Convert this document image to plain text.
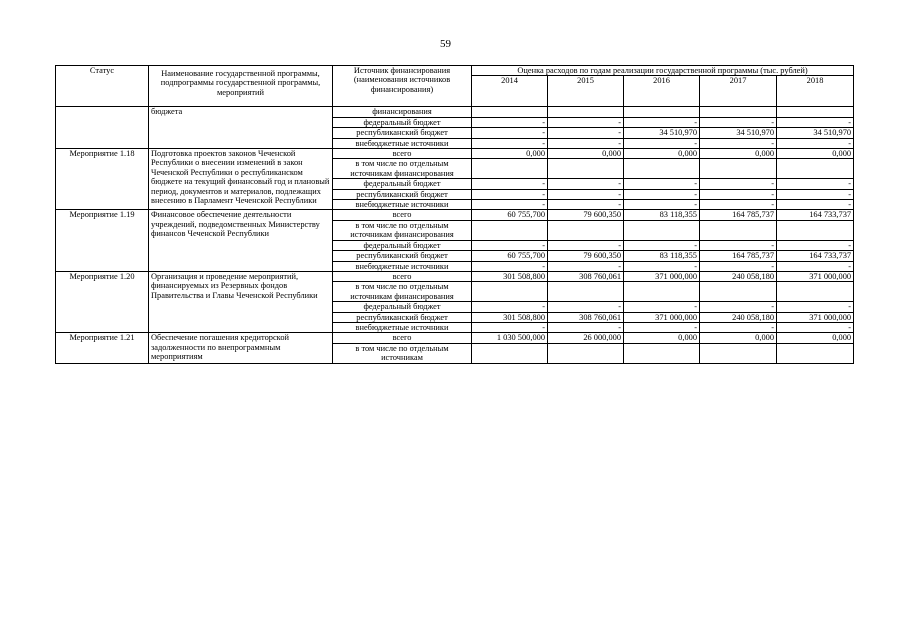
59
Статус	Наименование государственной программы, подпрограммы государственной программы, мероприятий	Источник финансирования (наименования источников финансирования)	Оценка расходов по годам реализации государственной программы (тыс. рублей)				
			2014	2015	2016	2017	2018
	бюджета	финансирования					
		федеральный бюджет	-	-	-	-	-
		республиканский бюджет	-	-	34 510,970	34 510,970	34 510,970
		внебюджетные источники	-	-	-	-	-
Мероприятие 1.18	Подготовка проектов законов Чеченской Республики о внесении изменений в закон Чеченской Республики о республиканском бюджете на текущий финансовый год и плановый период, документов и материалов, подлежащих внесению в Парламент Чеченской Республики	всего	0,000	0,000	0,000	0,000	0,000
		в том числе по отдельным источникам финансирования					
		федеральный бюджет	-	-	-	-	-
		республиканский бюджет	-	-	-	-	-
		внебюджетные источники	-	-	-	-	-
Мероприятие 1.19	Финансовое обеспечение деятельности учреждений, подведомственных Министерству финансов Чеченской Республики	всего	60 755,700	79 600,350	83 118,355	164 785,737	164 733,737
		в том числе по отдельным источникам финансирования					
		федеральный бюджет	-	-	-	-	-
		республиканский бюджет	60 755,700	79 600,350	83 118,355	164 785,737	164 733,737
		внебюджетные источники	-	-	-	-	-
Мероприятие 1.20	Организация и проведение мероприятий, финансируемых из Резервных фондов Правительства и Главы Чеченской Республики	всего	301 508,800	308 760,061	371 000,000	240 058,180	371 000,000
		в том числе по отдельным источникам финансирования					
		федеральный бюджет	-	-	-	-	-
		республиканский бюджет	301 508,800	308 760,061	371 000,000	240 058,180	371 000,000
		внебюджетные источники	-	-	-	-	-
Мероприятие 1.21	Обеспечение погашения кредиторской задолженности по внепрограммным мероприятиям	всего	1 030 500,000	26 000,000	0,000	0,000	0,000
		в том числе по отдельным источникам					
